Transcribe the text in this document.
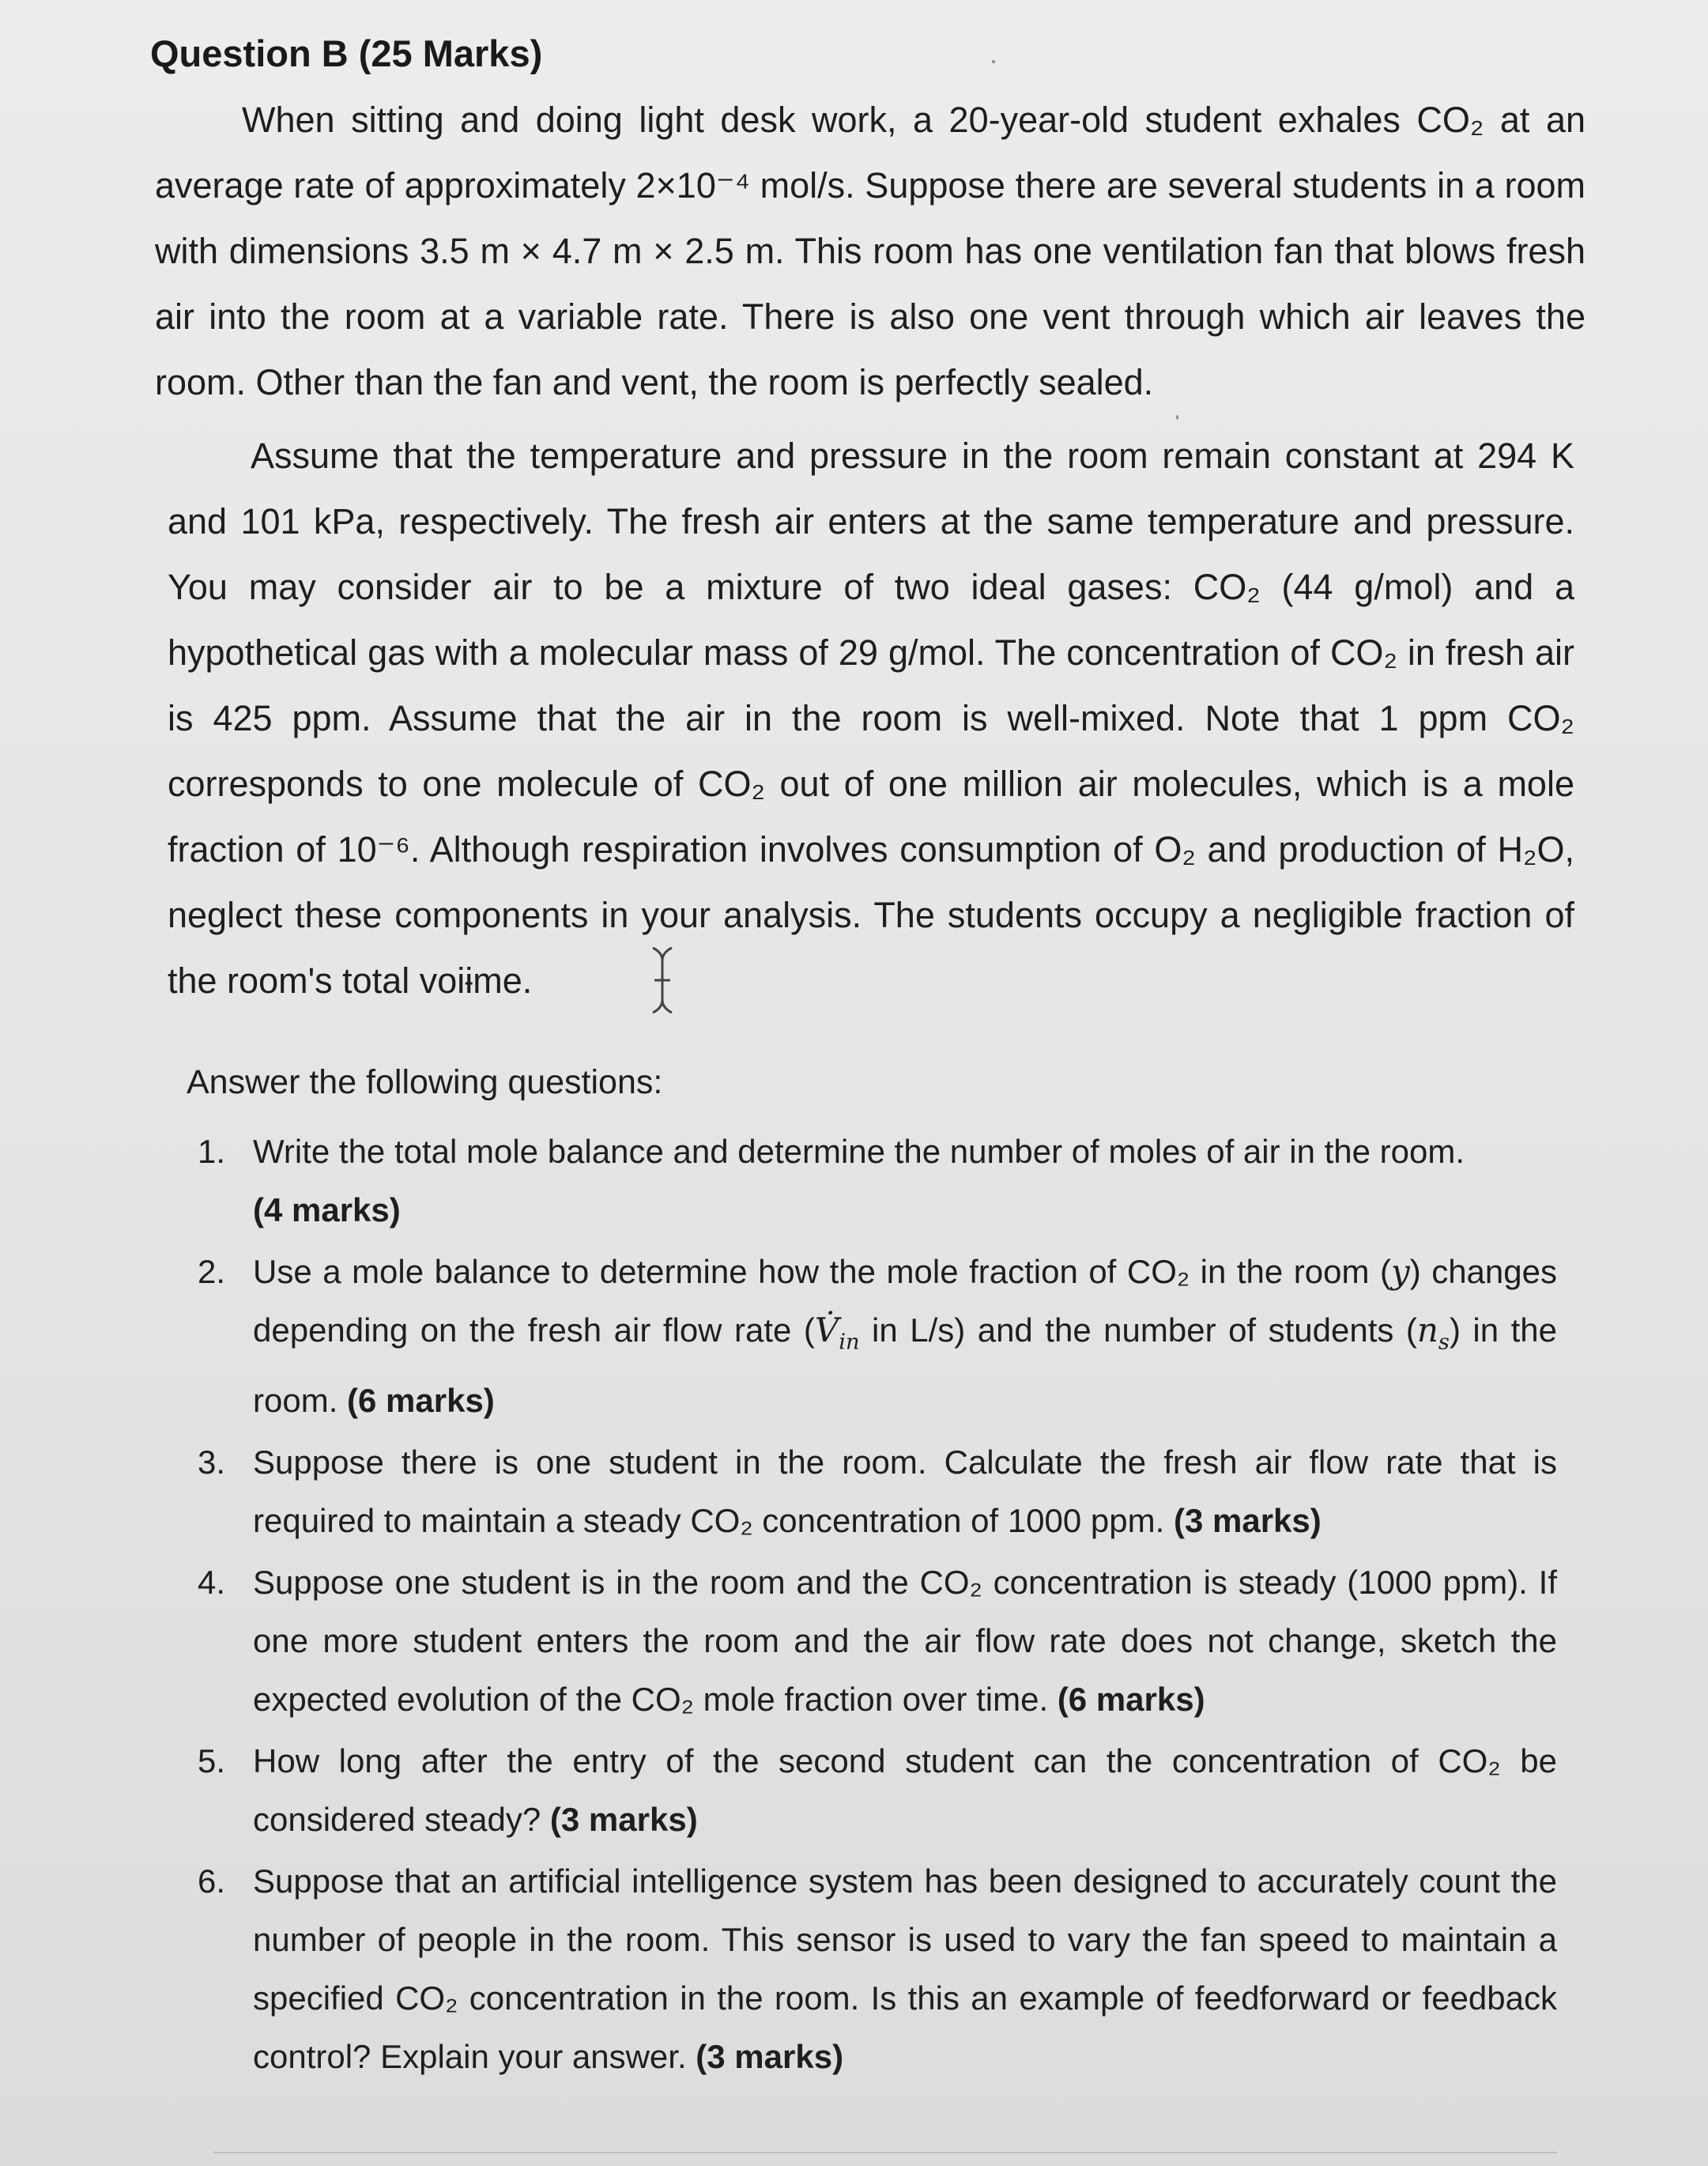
Question B (25 Marks)

When sitting and doing light desk work, a 20-year-old student exhales CO₂ at an average rate of approximately 2×10⁻⁴ mol/s. Suppose there are several students in a room with dimensions 3.5 m × 4.7 m × 2.5 m. This room has one ventilation fan that blows fresh air into the room at a variable rate. There is also one vent through which air leaves the room. Other than the fan and vent, the room is perfectly sealed.

Assume that the temperature and pressure in the room remain constant at 294 K and 101 kPa, respectively. The fresh air enters at the same temperature and pressure. You may consider air to be a mixture of two ideal gases: CO₂ (44 g/mol) and a hypothetical gas with a molecular mass of 29 g/mol. The concentration of CO₂ in fresh air is 425 ppm. Assume that the air in the room is well-mixed. Note that 1 ppm CO₂ corresponds to one molecule of CO₂ out of one million air molecules, which is a mole fraction of 10⁻⁶. Although respiration involves consumption of O₂ and production of H₂O, neglect these components in your analysis. The students occupy a negligible fraction of the room's total voiɨme.

Answer the following questions:
1. Write the total mole balance and determine the number of moles of air in the room.
(4 marks)
2. Use a mole balance to determine how the mole fraction of CO₂ in the room (y) changes depending on the fresh air flow rate ($V̇_{in}$ in L/s) and the number of students $(n_s)$ in the room. (6 marks)
3. Suppose there is one student in the room. Calculate the fresh air flow rate that is required to maintain a steady CO₂ concentration of 1000 ppm. (3 marks)
4. Suppose one student is in the room and the CO₂ concentration is steady (1000 ppm). If one more student enters the room and the air flow rate does not change, sketch the expected evolution of the CO₂ mole fraction over time. (6 marks)
5. How long after the entry of the second student can the concentration of CO₂ be considered steady? (3 marks)
6. Suppose that an artificial intelligence system has been designed to accurately count the number of people in the room. This sensor is used to vary the fan speed to maintain a specified CO₂ concentration in the room. Is this an example of feedforward or feedback control? Explain your answer. (3 marks)
